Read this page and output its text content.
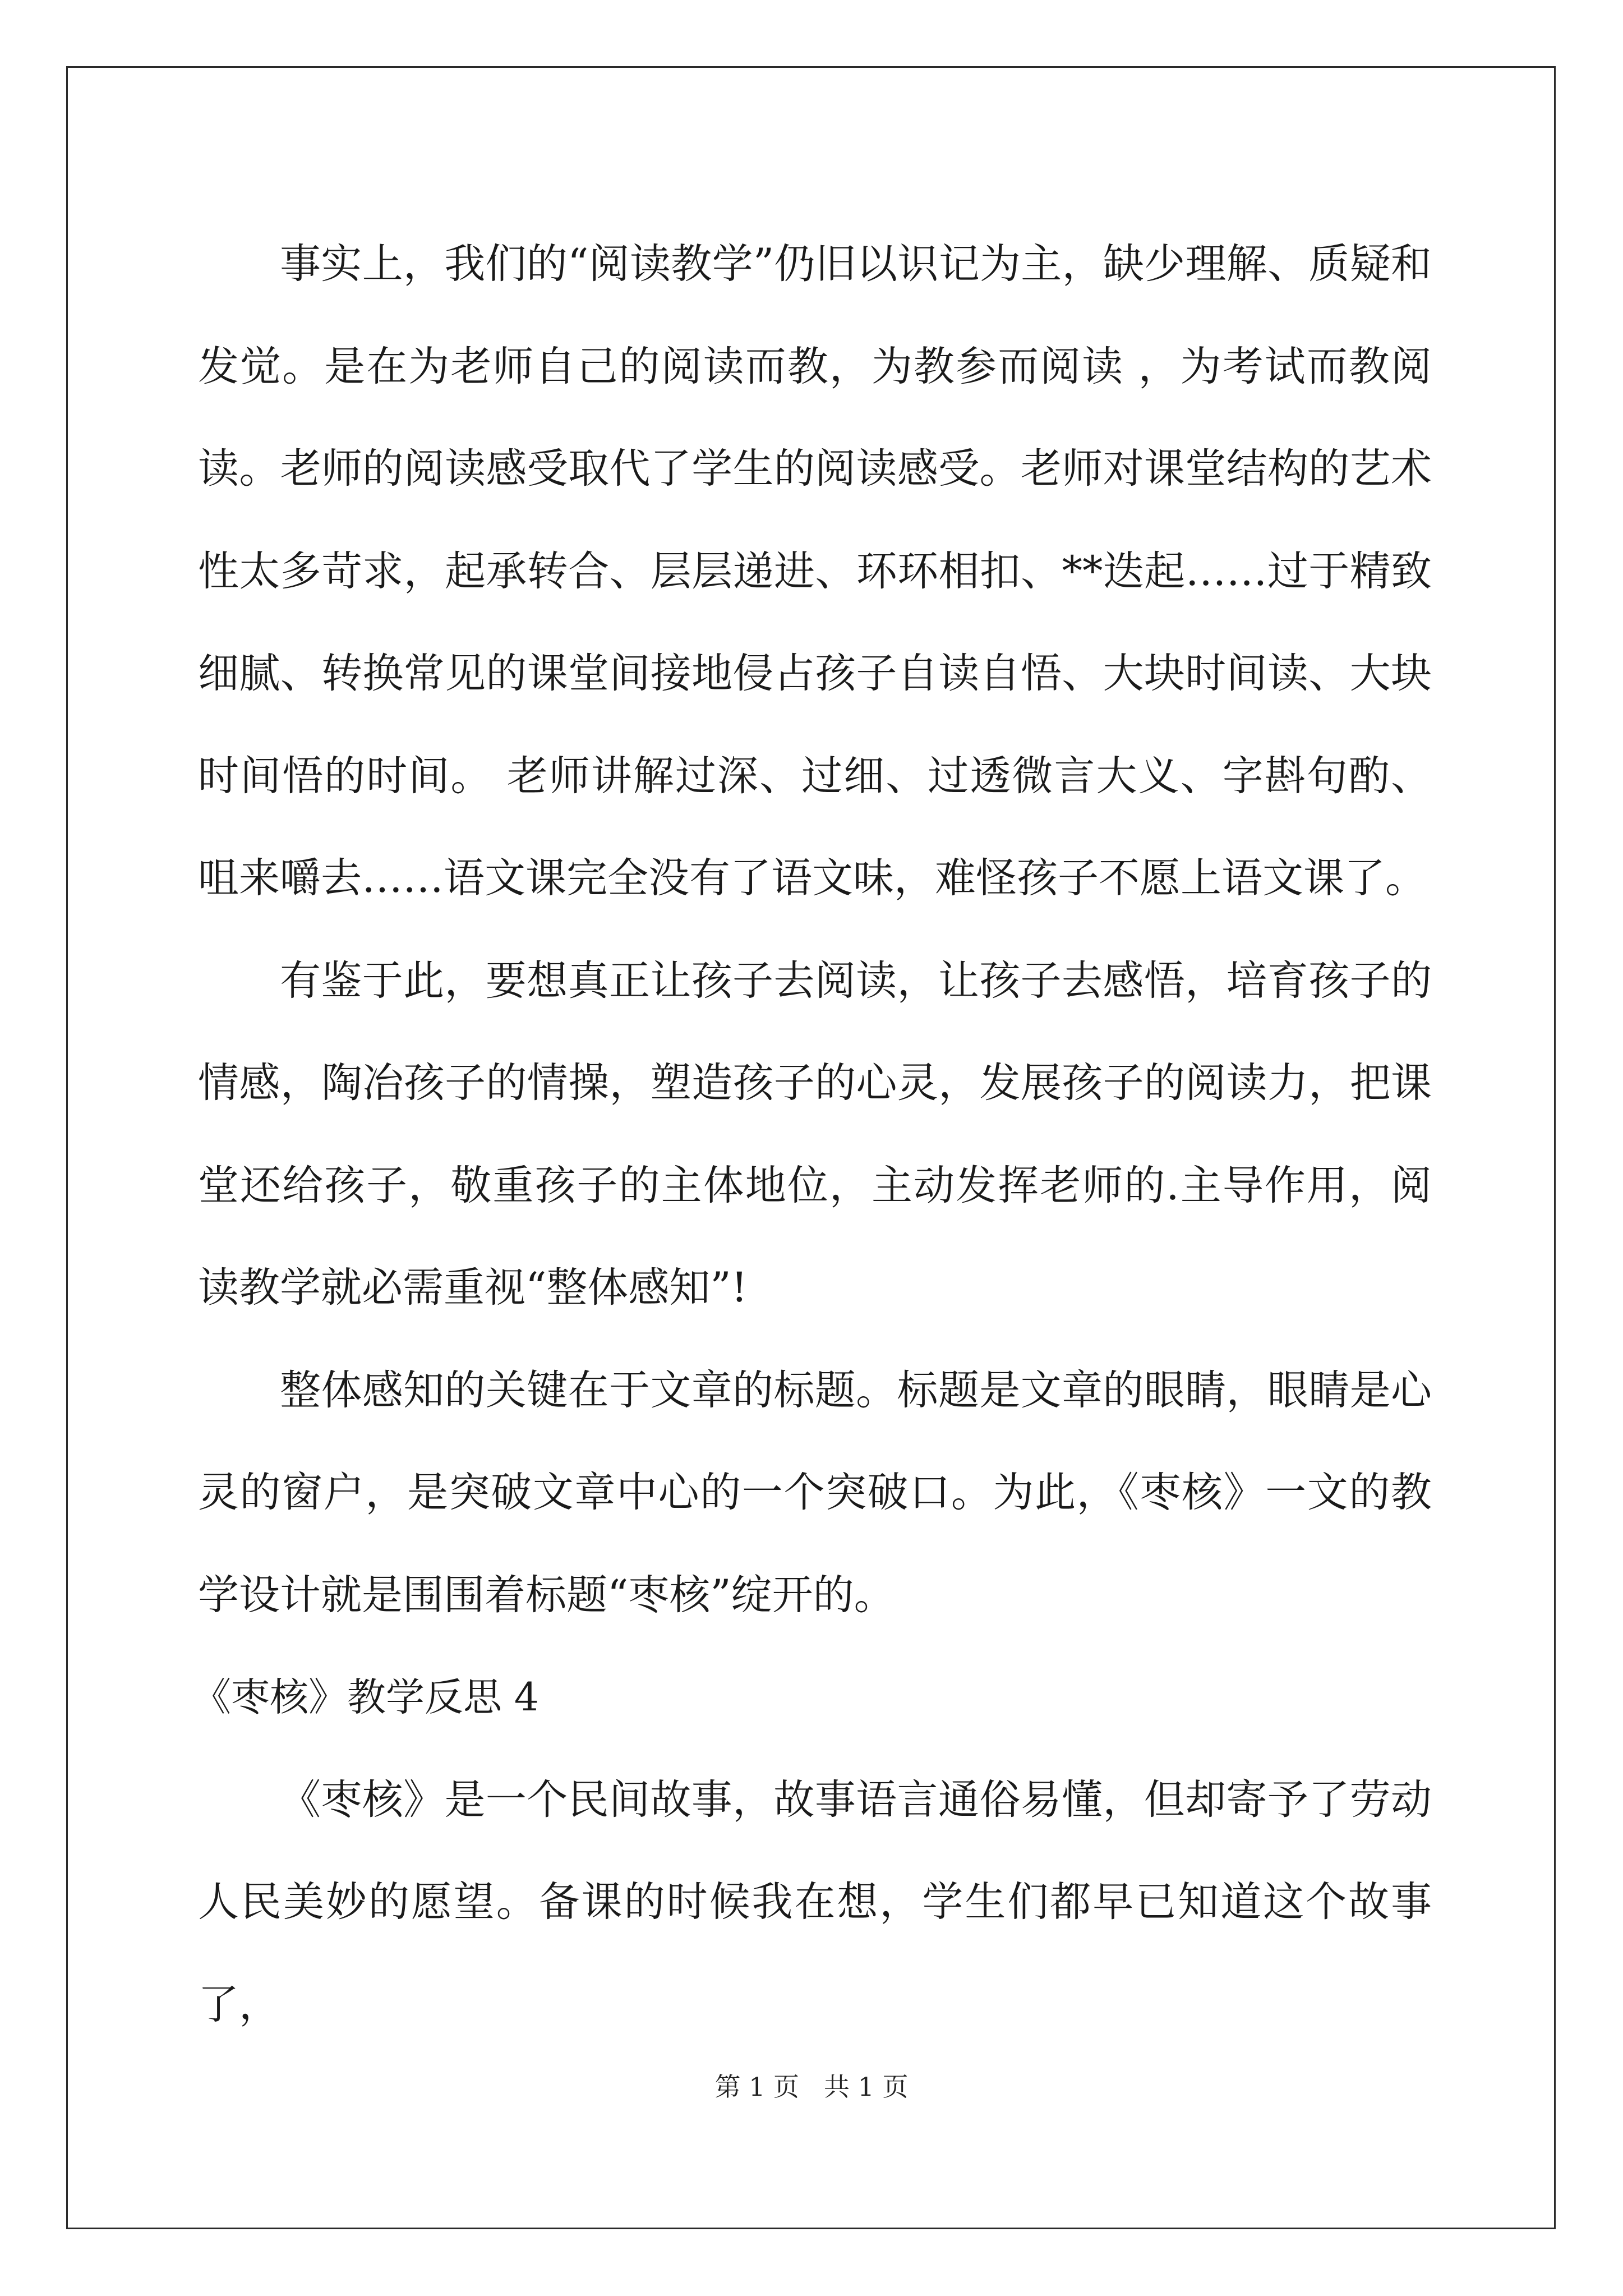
事实上，我们的“阅读教学”仍旧以识记为主，缺少理解、质疑和发觉。是在为老师自己的阅读而教，为教参而阅读 ，为考试而教阅读。老师的阅读感受取代了学生的阅读感受。老师对课堂结构的艺术性太多苛求，起承转合、层层递进、环环相扣、**迭起……过于精致细腻、转换常见的课堂间接地侵占孩子自读自悟、大块时间读、大块时间悟的时间。 老师讲解过深、过细、过透微言大义、字斟句酌、咀来嚼去……语文课完全没有了语文味，难怪孩子不愿上语文课了。

有鉴于此，要想真正让孩子去阅读，让孩子去感悟，培育孩子的情感，陶冶孩子的情操，塑造孩子的心灵，发展孩子的阅读力，把课堂还给孩子，敬重孩子的主体地位，主动发挥老师的.主导作用，阅读教学就必需重视“整体感知”!

整体感知的关键在于文章的标题。标题是文章的眼睛，眼睛是心灵的窗户，是突破文章中心的一个突破口。为此，《枣核》一文的教学设计就是围围着标题“枣核”绽开的。

《枣核》教学反思 4

《枣核》是一个民间故事，故事语言通俗易懂，但却寄予了劳动人民美妙的愿望。备课的时候我在想，学生们都早已知道这个故事了，

第 1 页 共 1 页
